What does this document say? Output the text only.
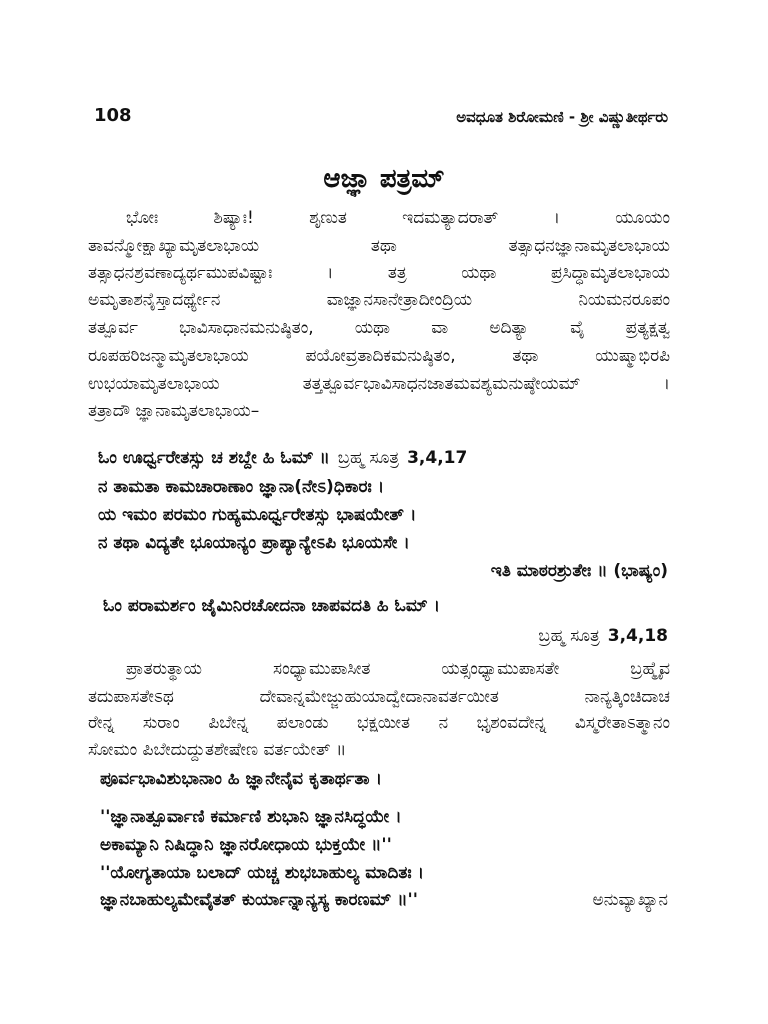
108	ಅವಧೂತ ಶಿರೋಮಣಿ - ಶ್ರೀ ವಿಷ್ಣುತೀರ್ಥರು
ಆಜ್ಞಾ ಪತ್ರಮ್
ಭೋಃ ಶಿಷ್ಯಾಃ! ಶೃಣುತ ಇದಮತ್ಯಾದರಾತ್ । ಯೂಯಂ
ತಾವನ್ಮೋಕ್ಷಾಖ್ಯಾಮೃತಲಾಭಾಯ ತಥಾ ತತ್ಸಾಧನಜ್ಞಾನಾಮೃತಲಾಭಾಯ
ತತ್ಸಾಧನಶ್ರವಣಾದ್ಯರ್ಥಮುಪವಿಷ್ಟಾಃ । ತತ್ರ ಯಥಾ ಪ್ರಸಿದ್ಧಾಮೃತಲಾಭಾಯ
ಅಮೃತಾಶನೈಸ್ತಾದರ್ಥ್ಯೇನ ವಾಜ್ಞಾನಸಾನೇತ್ರಾದೀಂದ್ರಿಯ ನಿಯಮನರೂಪಂ
ತತ್ಪೂರ್ವ ಭಾವಿಸಾಧಾನಮನುಷ್ಠಿತಂ, ಯಥಾ ವಾ ಅದಿತ್ಯಾ ವೈ ಪ್ರತ್ಯಕ್ಷತ್ವ
ರೂಪಹರಿಜನ್ಮಾಮೃತಲಾಭಾಯ ಪಯೋವ್ರತಾದಿಕಮನುಷ್ಠಿತಂ, ತಥಾ ಯುಷ್ಮಾಭಿರಪಿ
ಉಭಯಾಮೃತಲಾಭಾಯ ತತ್ತತ್ಪೂರ್ವಭಾವಿಸಾಧನಜಾತಮವಶ್ಯಮನುಷ್ಠೇಯಮ್ ।
ತತ್ರಾದೌ ಜ್ಞಾನಾಮೃತಲಾಭಾಯ–
ಓಂ ಊರ್ಧ್ವರೇತಸ್ಸು ಚ ಶಬ್ದೇ ಹಿ ಓಮ್ ॥ ಬ್ರಹ್ಮ ಸೂತ್ರ 3,4,17
ನ ತಾಮತಾ ಕಾಮಚಾರಾಣಾಂ ಜ್ಞಾನಾ(ನೇಽ)ಧಿಕಾರಃ ।
ಯ ಇಮಂ ಪರಮಂ ಗುಹ್ಯಮೂರ್ಧ್ವರೇತಸ್ಸು ಭಾಷಯೇತ್ ।
ನ ತಥಾ ವಿದ್ಯತೇ ಭೂಯಾನ್ಯಂ ಪ್ರಾಪ್ಯಾನ್ಯೇಽಪಿ ಭೂಯಸೇ ।
ಇತಿ ಮಾಠರಶ್ರುತೇಃ ॥ (ಭಾಷ್ಯಂ)
ಓಂ ಪರಾಮರ್ಶಂ ಜೈಮಿನಿರಚೋದನಾ ಚಾಪವದತಿ ಹಿ ಓಮ್ ।
ಬ್ರಹ್ಮ ಸೂತ್ರ 3,4,18
ಪ್ರಾತರುತ್ಥಾಯ ಸಂಧ್ಯಾಮುಪಾಸೀತ ಯತ್ಸಂಧ್ಯಾಮುಪಾಸತೇ ಬ್ರಹ್ಮೈವ
ತದುಪಾಸತೇಽಥ ದೇವಾನ್ನಮೇಜ್ಜುಹುಯಾದ್ವೇದಾನಾವರ್ತಯೀತ ನಾನ್ಯತ್ಕಿಂಚಿದಾಚ
ರೇನ್ನ ಸುರಾಂ ಪಿಬೇನ್ನ ಪಲಾಂಡು ಭಕ್ಷಯೀತ ನ ಭೃಶಂವದೇನ್ನ ವಿಸ್ಮರೇತಾಽತ್ಮಾನಂ
ಸೋಮಂ ಪಿಬೇದುದ್ದುತಶೇಷೇಣ ವರ್ತಯೇತ್ ॥
ಪೂರ್ವಭಾವಿಶುಭಾನಾಂ ಹಿ ಜ್ಞಾನೇನೈವ ಕೃತಾರ್ಥತಾ ।
''ಜ್ಞಾನಾತ್ಪೂರ್ವಾಣಿ ಕರ್ಮಾಣಿ ಶುಭಾನಿ ಜ್ಞಾನಸಿದ್ಧಯೇ ।
ಅಕಾಮ್ಯಾನಿ ನಿಷಿದ್ಧಾನಿ ಜ್ಞಾನರೋಧಾಯ ಭುಕ್ತಯೇ ॥''
''ಯೋಗ್ಯತಾಯಾ ಬಲಾದ್ ಯಚ್ಚ ಶುಭಬಾಹುಲ್ಯ ಮಾದಿತಃ ।
ಜ್ಞಾನಬಾಹುಲ್ಯಮೇವೈತತ್ ಕುರ್ಯಾನ್ನಾನ್ಯಸ್ಯ ಕಾರಣಮ್ ॥''	ಅನುವ್ಯಾಖ್ಯಾನ
